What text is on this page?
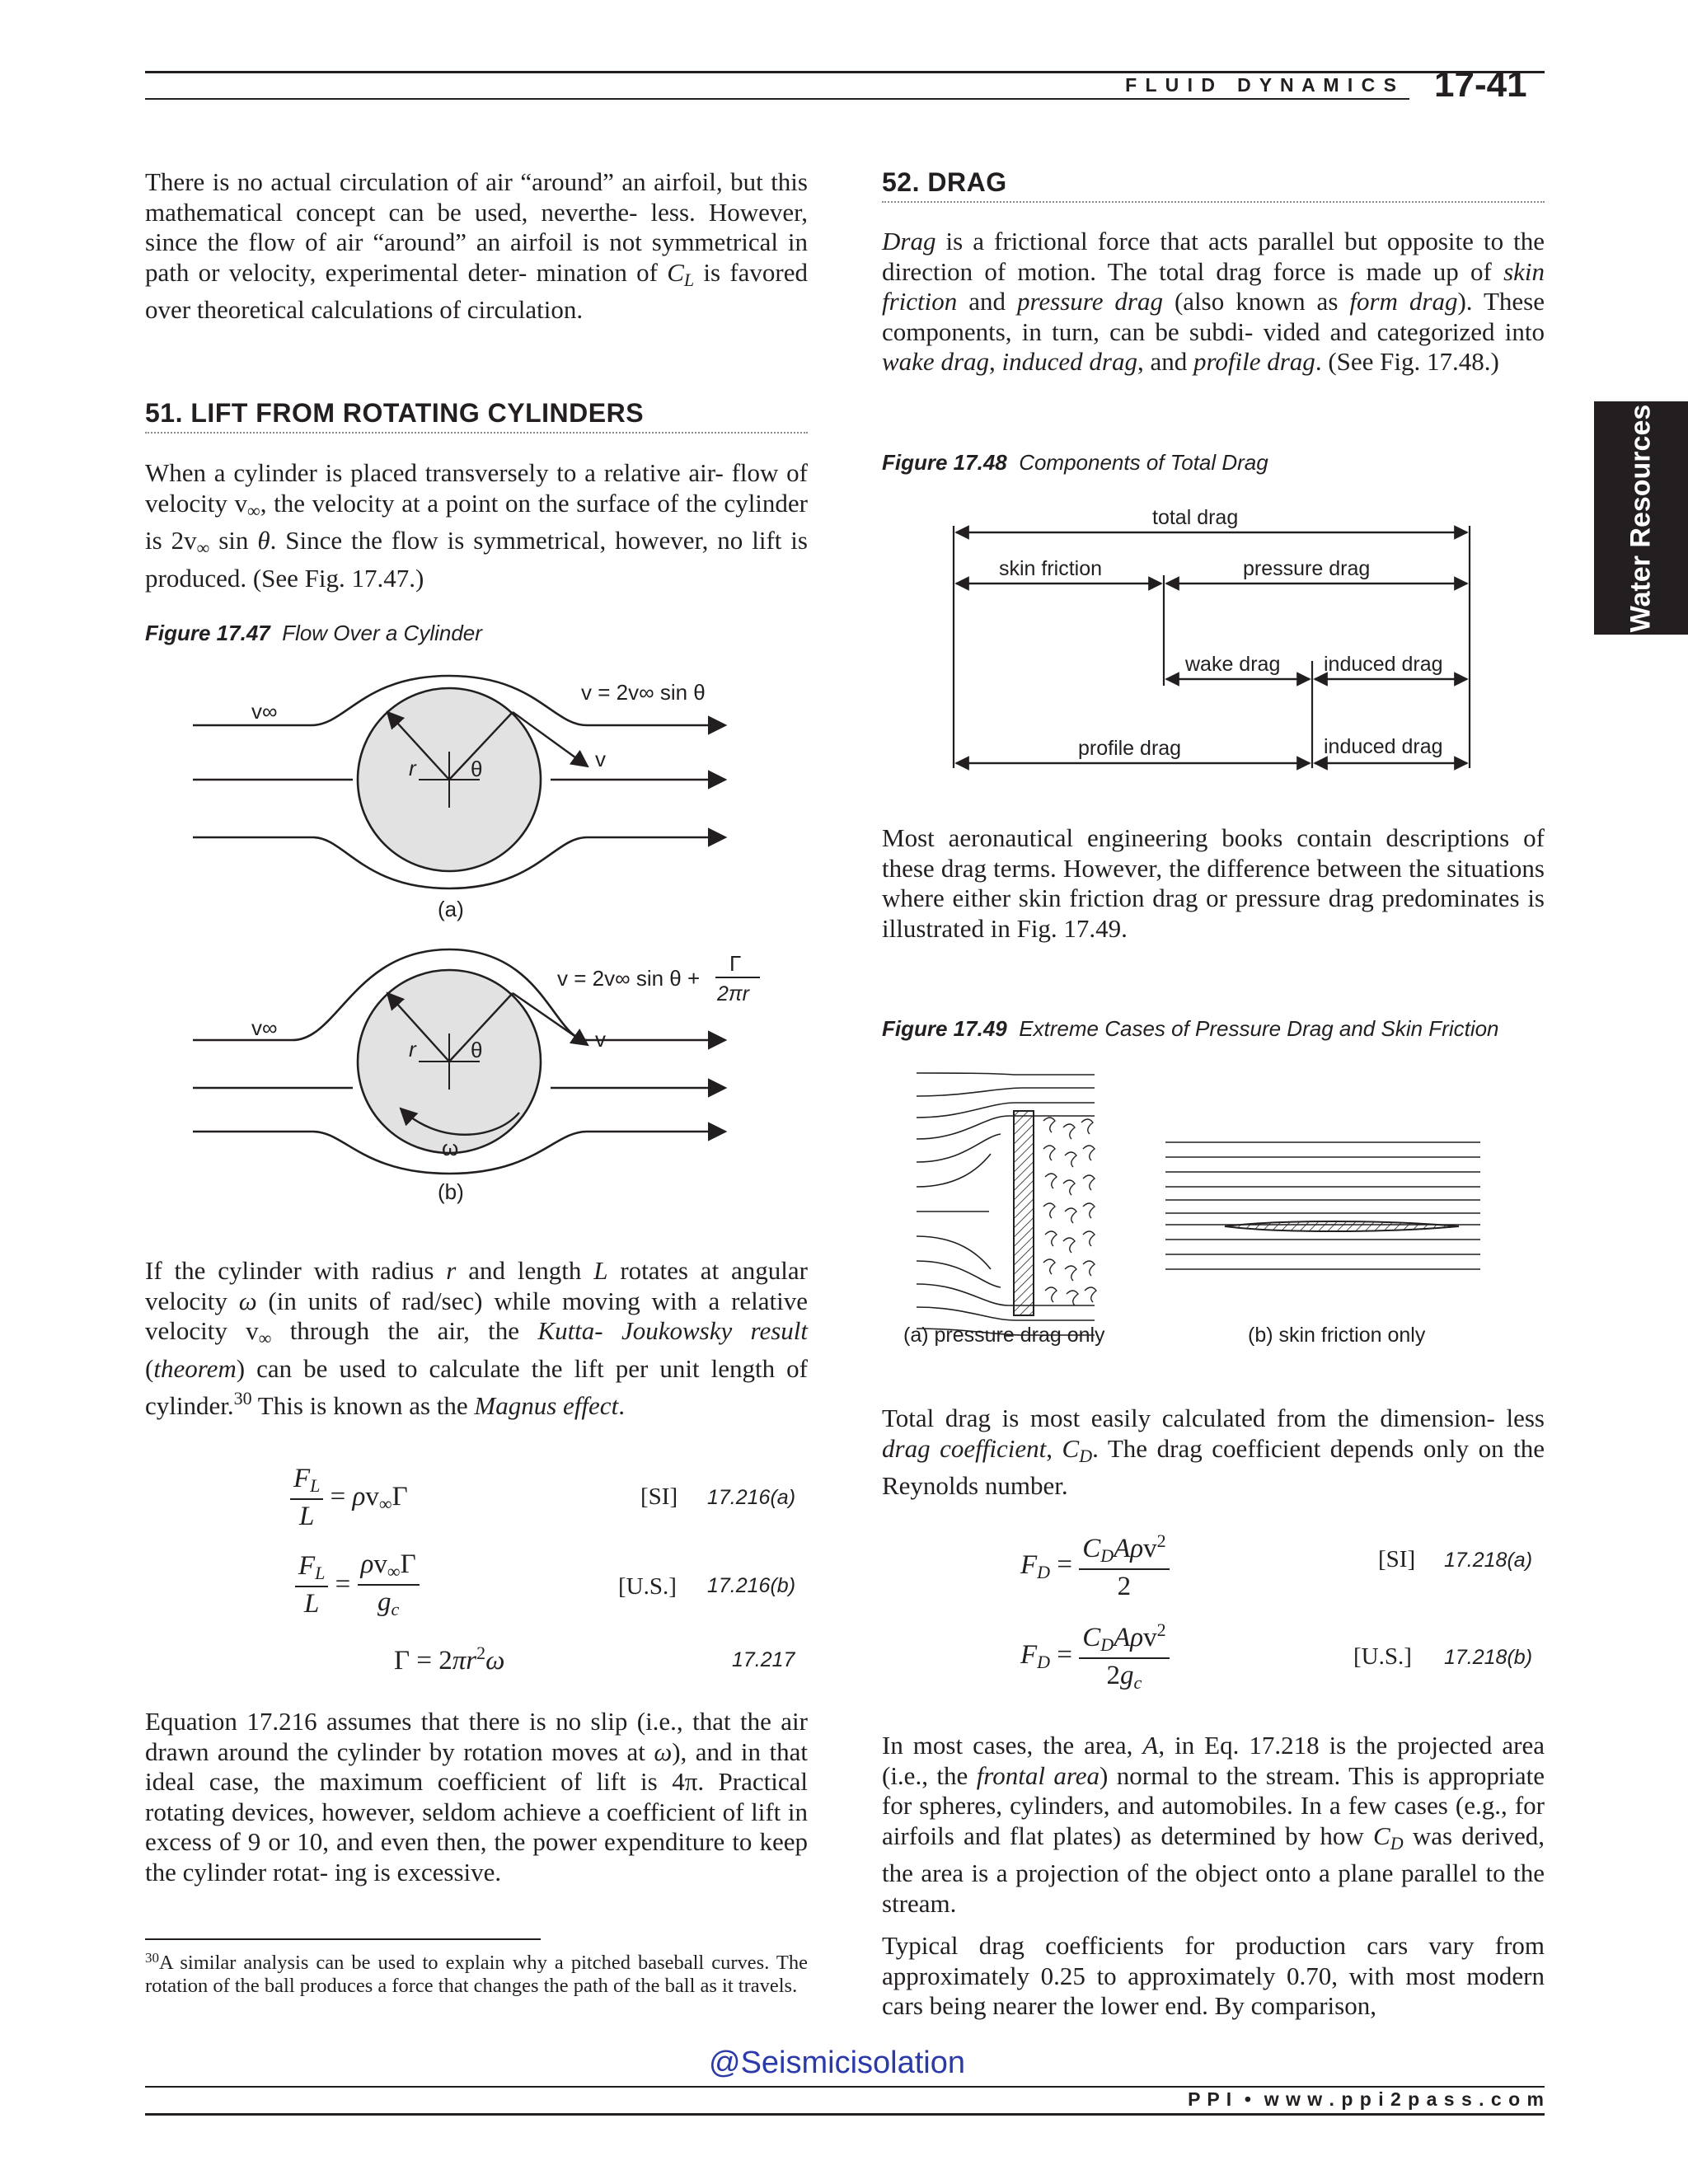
F L U I D   D Y N A M I C S 17-41
Water Resources

There is no actual circulation of air “around” an airfoil, but this mathematical concept can be used, neverthe- less. However, since the flow of air “around” an airfoil is not symmetrical in path or velocity, experimental deter- mination of $C_L$ is favored over theoretical calculations of circulation.

51. LIFT FROM ROTATING CYLINDERS

When a cylinder is placed transversely to a relative air- flow of velocity $v_\infty$, the velocity at a point on the surface of the cylinder is $2v_\infty$ sin θ. Since the flow is symmetrical, however, no lift is produced. (See Fig. 17.47.)

Figure 17.47 Flow Over a Cylinder
v∞
r	θ	v
v = 2v∞ sin θ
(a)
v∞
r	θ	v
ω
v = 2v∞ sin θ +
Γ
2πr
(b)

If the cylinder with radius r and length L rotates at angular velocity ω (in units of rad/sec) while moving with a relative velocity $v_\infty$ through the air, the Kutta- Joukowsky result (theorem) can be used to calculate the lift per unit length of cylinder.$^{30}$ This is known as the Magnus effect.

$\frac{F_L}{L} = \rho v_\infty\Gamma$	[SI] 17.216(a)
$\frac{F_L}{L} = \frac{\rho v_\infty\Gamma}{g_c}$	[U.S.] 17.216(b)
$\Gamma = 2\pi r^2\omega$	17.217

Equation 17.216 assumes that there is no slip (i.e., that the air drawn around the cylinder by rotation moves at ω), and in that ideal case, the maximum coefficient of lift is 4π. Practical rotating devices, however, seldom achieve a coefficient of lift in excess of 9 or 10, and even then, the power expenditure to keep the cylinder rotat- ing is excessive.

$^{30}$A similar analysis can be used to explain why a pitched baseball curves. The rotation of the ball produces a force that changes the path of the ball as it travels.
52. DRAG

Drag is a frictional force that acts parallel but opposite to the direction of motion. The total drag force is made up of skin friction and pressure drag (also known as form drag). These components, in turn, can be subdi- vided and categorized into wake drag, induced drag, and profile drag. (See Fig. 17.48.)

Figure 17.48 Components of Total Drag
total drag
skin friction	pressure drag
wake drag induced drag
profile drag	induced drag

Most aeronautical engineering books contain descriptions of these drag terms. However, the difference between the situations where either skin friction drag or pressure drag predominates is illustrated in Fig. 17.49.

Figure 17.49 Extreme Cases of Pressure Drag and Skin Friction
(a) pressure drag only	(b) skin friction only

Total drag is most easily calculated from the dimension- less drag coefficient, $C_D$. The drag coefficient depends only on the Reynolds number.

$F_D = \frac{C_DA\rho v^2}{2}$	[SI] 17.218(a)
$F_D = \frac{C_DA\rho v^2}{2g_c}$	[U.S.] 17.218(b)

In most cases, the area, A, in Eq. 17.218 is the projected area (i.e., the frontal area) normal to the stream. This is appropriate for spheres, cylinders, and automobiles. In a few cases (e.g., for airfoils and flat plates) as determined by how $C_D$ was derived, the area is a projection of the object onto a plane parallel to the stream.

Typical drag coefficients for production cars vary from approximately 0.25 to approximately 0.70, with most modern cars being nearer the lower end. By comparison,

@Seismicisolation
P P I  •  w w w . p p i 2 p a s s . c o m
